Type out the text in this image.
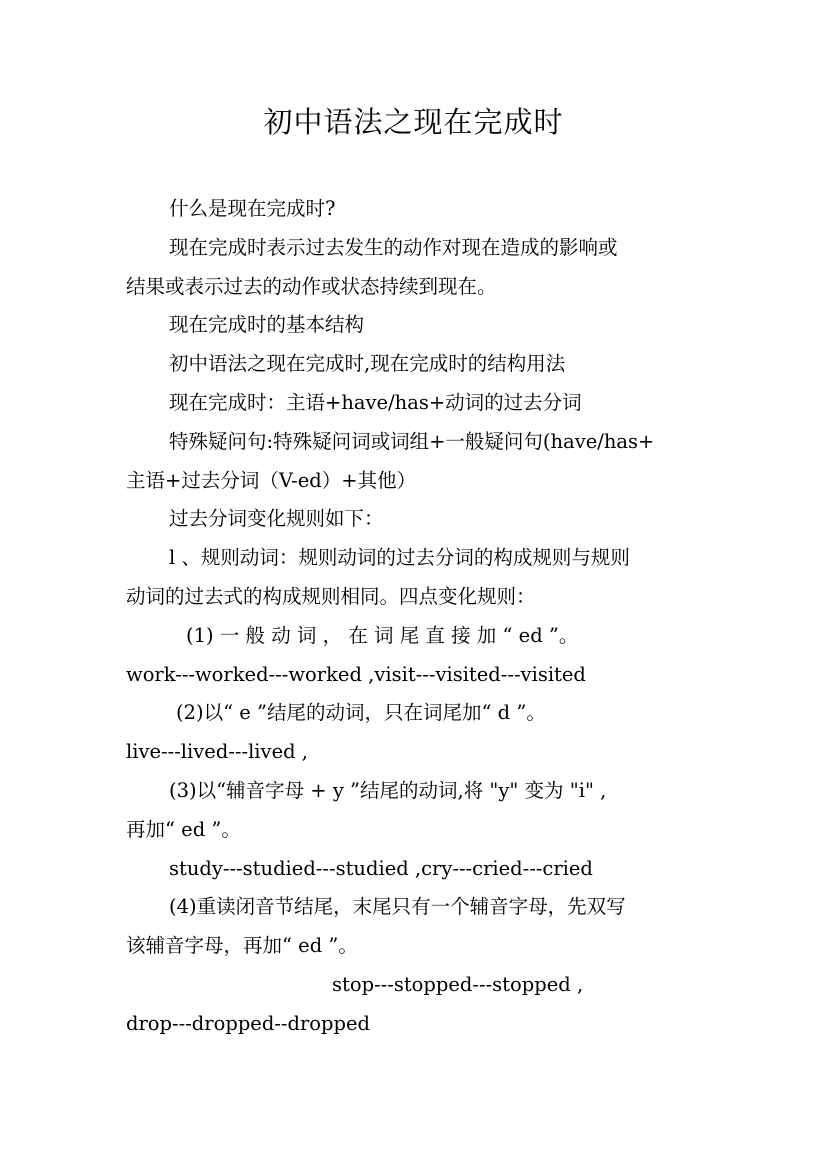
初中语法之现在完成时

什么是现在完成时?

现在完成时表示过去发生的动作对现在造成的影响或

结果或表示过去的动作或状态持续到现在。

现在完成时的基本结构

初中语法之现在完成时,现在完成时的结构用法

现在完成时：主语+have/has+动词的过去分词

特殊疑问句:特殊疑问词或词组+一般疑问句(have/has+

主语+过去分词（V-ed）+其他）

过去分词变化规则如下：

l 、规则动词：规则动词的过去分词的构成规则与规则

动词的过去式的构成规则相同。四点变化规则：

(1) 一 般 动 词 ， 在 词 尾 直 接 加 “ ed ”。

work---worked---worked ,visit---visited---visited

(2)以“ e ”结尾的动词，只在词尾加“ d ”。

live---lived---lived ,

(3)以“辅音字母 + y ”结尾的动词,将 "y" 变为 "i" ,

再加“ ed ”。

study---studied---studied ,cry---cried---cried

(4)重读闭音节结尾，末尾只有一个辅音字母，先双写

该辅音字母，再加“ ed ”。

stop---stopped---stopped ,

drop---dropped--dropped
